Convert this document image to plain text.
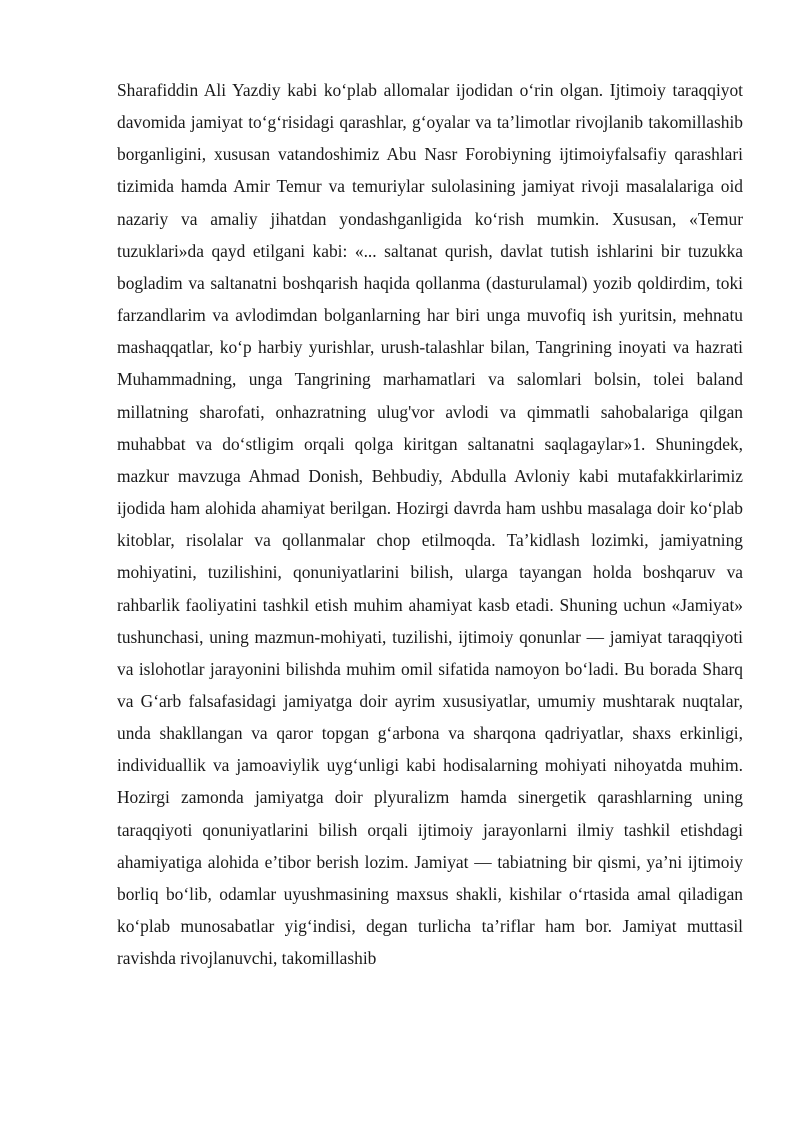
Sharafiddin Ali Yazdiy kabi ko‘plab allomalar ijodidan o‘rin olgan. Ijtimoiy taraqqiyot davomida jamiyat to‘g‘risidagi qarashlar, g‘oyalar va ta’limotlar rivojlanib takomillashib borganligini, xususan vatandoshimiz Abu Nasr Forobiyning ijtimoiyfalsafiy qarashlari tizimida hamda Amir Temur va temuriylar sulolasining jamiyat rivoji masalalariga oid nazariy va amaliy jihatdan yondashganligida ko‘rish mumkin. Xususan, «Temur tuzuklari»da qayd etilgani kabi: «... saltanat qurish, davlat tutish ishlarini bir tuzukka bogladim va saltanatni boshqarish haqida qollanma (dasturulamal) yozib qoldirdim, toki farzandlarim va avlodimdan bolganlarning har biri unga muvofiq ish yuritsin, mehnatu mashaqqatlar, ko‘p harbiy yurishlar, urush-talashlar bilan, Tangrining inoyati va hazrati Muhammadning, unga Tangrining marhamatlari va salomlari bolsin, tolei baland millatning sharofati, onhazratning ulug'vor avlodi va qimmatli sahobalariga qilgan muhabbat va do‘stligim orqali qolga kiritgan saltanatni saqlagaylar»1. Shuningdek, mazkur mavzuga Ahmad Donish, Behbudiy, Abdulla Avloniy kabi mutafakkirlarimiz ijodida ham alohida ahamiyat berilgan. Hozirgi davrda ham ushbu masalaga doir ko‘plab kitoblar, risolalar va qollanmalar chop etilmoqda. Ta’kidlash lozimki, jamiyatning mohiyatini, tuzilishini, qonuniyatlarini bilish, ularga tayangan holda boshqaruv va rahbarlik faoliyatini tashkil etish muhim ahamiyat kasb etadi. Shuning uchun «Jamiyat» tushunchasi, uning mazmun-mohiyati, tuzilishi, ijtimoiy qonunlar — jamiyat taraqqiyoti va islohotlar jarayonini bilishda muhim omil sifatida namoyon bo‘ladi. Bu borada Sharq va G‘arb falsafasidagi jamiyatga doir ayrim xususiyatlar, umumiy mushtarak nuqtalar, unda shakllangan va qaror topgan g‘arbona va sharqona qadriyatlar, shaxs erkinligi, individuallik va jamoaviylik uyg‘unligi kabi hodisalarning mohiyati nihoyatda muhim. Hozirgi zamonda jamiyatga doir plyuralizm hamda sinergetik qarashlarning uning taraqqiyoti qonuniyatlarini bilish orqali ijtimoiy jarayonlarni ilmiy tashkil etishdagi ahamiyatiga alohida e’tibor berish lozim. Jamiyat — tabiatning bir qismi, ya’ni ijtimoiy borliq bo‘lib, odamlar uyushmasining maxsus shakli, kishilar o‘rtasida amal qiladigan ko‘plab munosabatlar yig‘indisi, degan turlicha ta’riflar ham bor. Jamiyat muttasil ravishda rivojlanuvchi, takomillashib
